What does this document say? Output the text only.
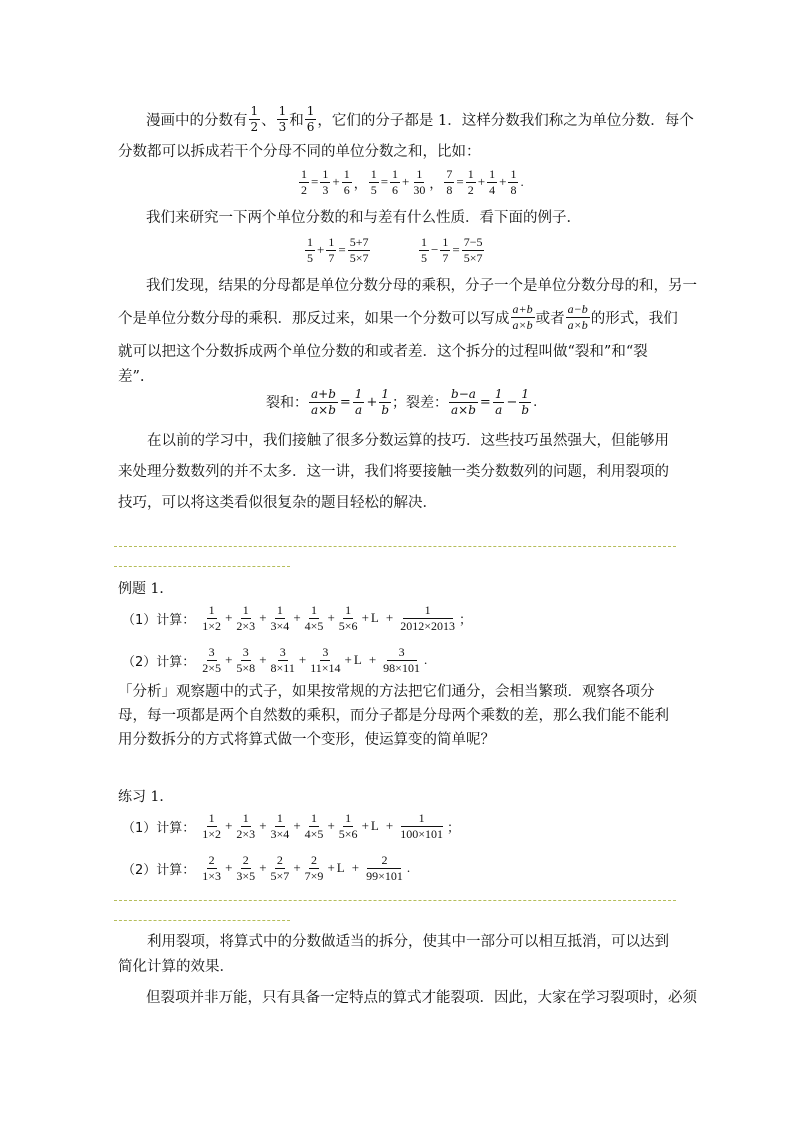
漫画中的分数有 $\frac{1}{2}$ 、 $\frac{1}{3}$ 和 $\frac{1}{6}$ ，它们的分子都是 1．这样分数我们称之为单位分数．每个
分数都可以拆成若干个分母不同的单位分数之和，比如：
$\frac{1}{2} = \frac{1}{3} + \frac{1}{6}$ ， $\frac{1}{5} = \frac{1}{6} + \frac{1}{30}$ ， $\frac{7}{8} = \frac{1}{2} + \frac{1}{4} + \frac{1}{8}$ .
我们来研究一下两个单位分数的和与差有什么性质．看下面的例子．
$\frac{1}{5} + \frac{1}{7} = \frac{5+7}{5\times 7}$	$\frac{1}{5} - \frac{1}{7} = \frac{7-5}{5\times 7}$
我们发现，结果的分母都是单位分数分母的乘积，分子一个是单位分数分母的和，另一
个是单位分数分母的乘积．那反过来，如果一个分数可以写成 $\frac{a+b}{a\times b}$ 或者 $\frac{a-b}{a\times b}$ 的形式，我们
就可以把这个分数拆成两个单位分数的和或者差．这个拆分的过程叫做“裂和”和“裂
差”.
裂和： $\frac{a+b}{a\times b} = \frac{1}{a} + \frac{1}{b}$ ；裂差： $\frac{b-a}{a\times b} = \frac{1}{a} - \frac{1}{b}$ .
在以前的学习中，我们接触了很多分数运算的技巧．这些技巧虽然强大，但能够用来处理分数数列的并不太多．这一讲，我们将要接触一类分数数列的问题，利用裂项的技巧，可以将这类看似很复杂的题目轻松的解决．
例题 1．
（1）计算： $\frac{1}{1\times 2} + \frac{1}{2\times 3} + \frac{1}{3\times 4} + \frac{1}{4\times 5} + \frac{1}{5\times 6} + L + \frac{1}{2012\times 2013}$ ；
（2）计算： $\frac{3}{2\times 5} + \frac{3}{5\times 8} + \frac{3}{8\times 11} + \frac{3}{11\times 14} + L + \frac{3}{98\times 101}$ .
「分析」观察题中的式子，如果按常规的方法把它们通分，会相当繁琐．观察各项分母，每一项都是两个自然数的乘积，而分子都是分母两个乘数的差，那么我们能不能利用分数拆分的方式将算式做一个变形，使运算变的简单呢？
练习 1．
（1）计算： $\frac{1}{1\times 2} + \frac{1}{2\times 3} + \frac{1}{3\times 4} + \frac{1}{4\times 5} + \frac{1}{5\times 6} + L + \frac{1}{100\times 101}$ ；
（2）计算： $\frac{2}{1\times 3} + \frac{2}{3\times 5} + \frac{2}{5\times 7} + \frac{2}{7\times 9} + L + \frac{2}{99\times 101}$ .
利用裂项，将算式中的分数做适当的拆分，使其中一部分可以相互抵消，可以达到简化计算的效果．
但裂项并非万能，只有具备一定特点的算式才能裂项．因此，大家在学习裂项时，必须
